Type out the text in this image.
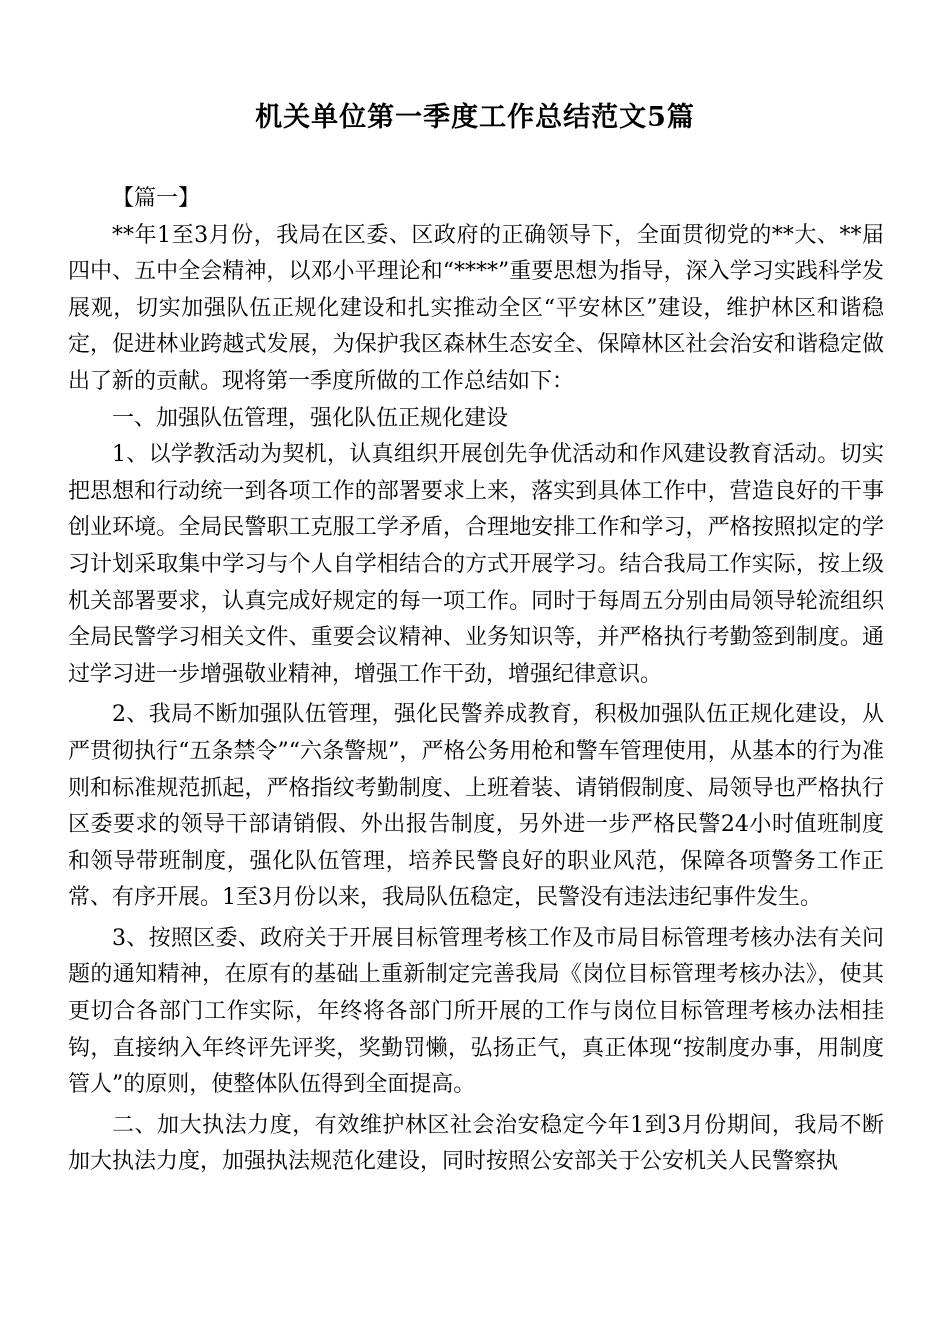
机关单位第一季度工作总结范文5篇

【篇一】

**年1至3月份，我局在区委、区政府的正确领导下，全面贯彻党的**大、**届四中、五中全会精神，以邓小平理论和“****”重要思想为指导，深入学习实践科学发展观，切实加强队伍正规化建设和扎实推动全区“平安林区”建设，维护林区和谐稳定，促进林业跨越式发展，为保护我区森林生态安全、保障林区社会治安和谐稳定做出了新的贡献。现将第一季度所做的工作总结如下：

一、加强队伍管理，强化队伍正规化建设

1、以学教活动为契机，认真组织开展创先争优活动和作风建设教育活动。切实把思想和行动统一到各项工作的部署要求上来，落实到具体工作中，营造良好的干事创业环境。全局民警职工克服工学矛盾，合理地安排工作和学习，严格按照拟定的学习计划采取集中学习与个人自学相结合的方式开展学习。结合我局工作实际，按上级机关部署要求，认真完成好规定的每一项工作。同时于每周五分别由局领导轮流组织全局民警学习相关文件、重要会议精神、业务知识等，并严格执行考勤签到制度。通过学习进一步增强敬业精神，增强工作干劲，增强纪律意识。

2、我局不断加强队伍管理，强化民警养成教育，积极加强队伍正规化建设，从严贯彻执行“五条禁令”“六条警规”，严格公务用枪和警车管理使用，从基本的行为准则和标准规范抓起，严格指纹考勤制度、上班着装、请销假制度、局领导也严格执行区委要求的领导干部请销假、外出报告制度，另外进一步严格民警24小时值班制度和领导带班制度，强化队伍管理，培养民警良好的职业风范，保障各项警务工作正常、有序开展。1至3月份以来，我局队伍稳定，民警没有违法违纪事件发生。

3、按照区委、政府关于开展目标管理考核工作及市局目标管理考核办法有关问题的通知精神，在原有的基础上重新制定完善我局《岗位目标管理考核办法》，使其更切合各部门工作实际，年终将各部门所开展的工作与岗位目标管理考核办法相挂钩，直接纳入年终评先评奖，奖勤罚懒，弘扬正气，真正体现“按制度办事，用制度管人”的原则，使整体队伍得到全面提高。

二、加大执法力度，有效维护林区社会治安稳定今年1到3月份期间，我局不断加大执法力度，加强执法规范化建设，同时按照公安部关于公安机关人民警察执
